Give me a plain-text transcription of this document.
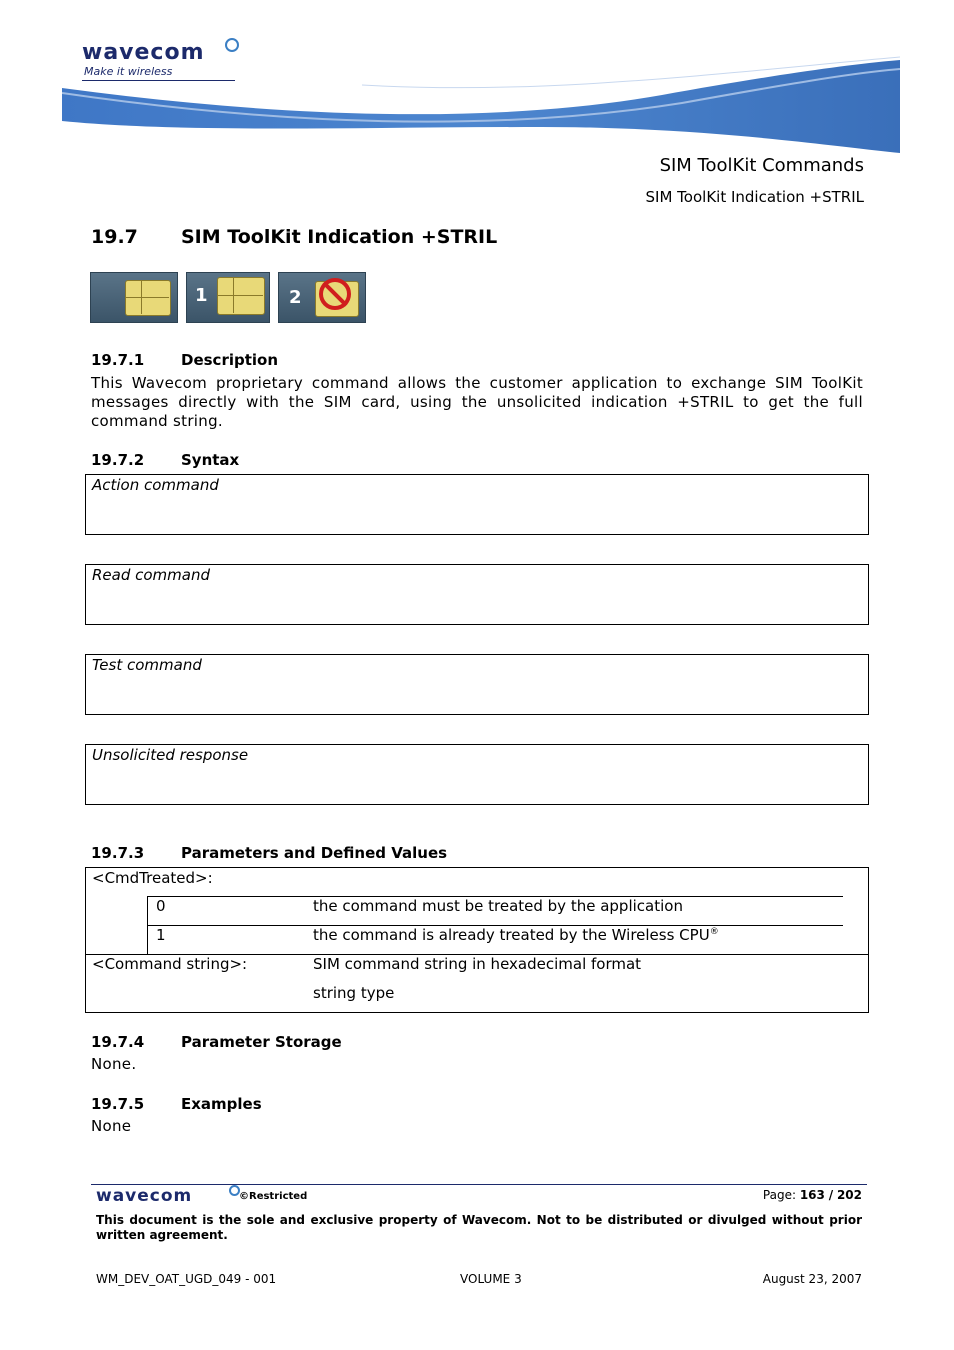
wavecom
Make it wireless
SIM ToolKit Commands
SIM ToolKit Indication +STRIL
19.7 SIM ToolKit Indication +STRIL
1	2
19.7.1 Description
This Wavecom proprietary command allows the customer application to exchange SIM ToolKit messages directly with the SIM card, using the unsolicited indication +STRIL to get the full command string.
19.7.2 Syntax
Action command
Read command
Test command
Unsolicited response
19.7.3 Parameters and Defined Values
<CmdTreated>:
0	the command must be treated by the application
1	the command is already treated by the Wireless CPU®
<Command string>:	SIM command string in hexadecimal format
string type
19.7.4 Parameter Storage
None.
19.7.5 Examples
None
wavecom	©Restricted	Page: 163 / 202
This document is the sole and exclusive property of Wavecom. Not to be distributed or divulged without prior written agreement.
WM_DEV_OAT_UGD_049 - 001	VOLUME 3	August 23, 2007
